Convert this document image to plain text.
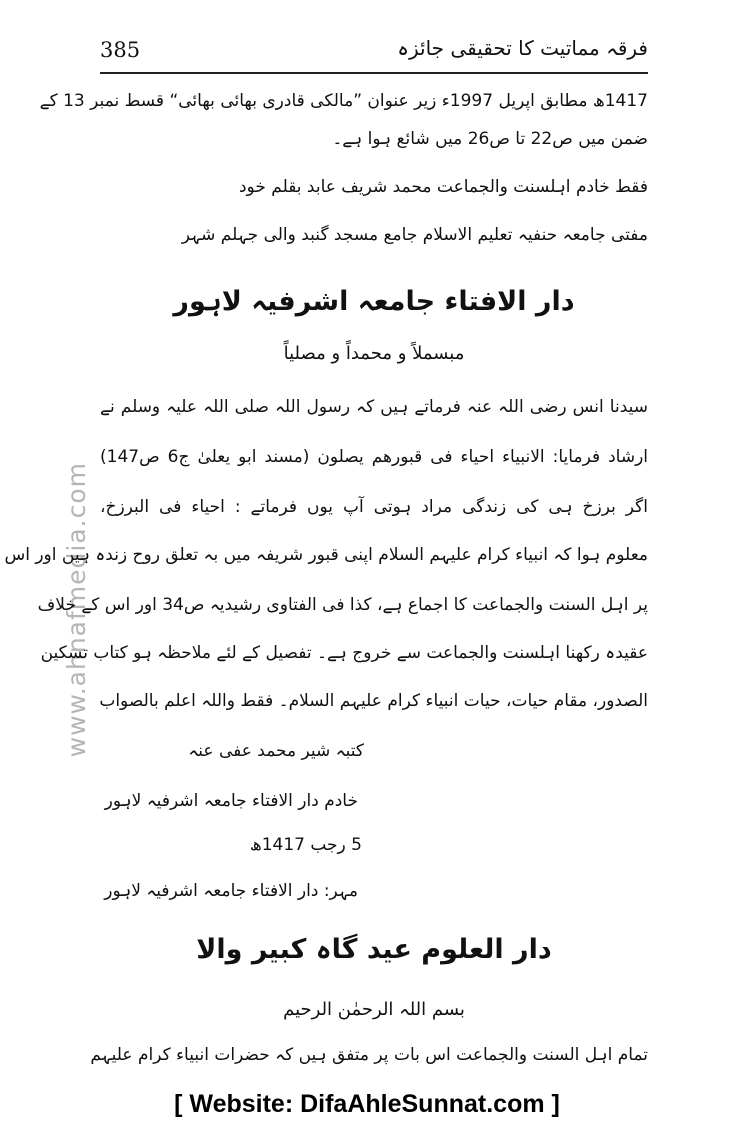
385	فرقہ مماتیت کا تحقیقی جائزہ
www.ahnafmedia.com
1417ھ مطابق اپریل 1997ء زیر عنوان ”مالکی قادری بھائی بھائی“ قسط نمبر 13 کے
ضمن میں ص22 تا ص26 میں شائع ہوا ہے۔
فقط خادم اہلسنت والجماعت محمد شریف عابد بقلم خود
مفتی جامعہ حنفیہ تعلیم الاسلام جامع مسجد گنبد والی جہلم شہر
دار الافتاء جامعہ اشرفیہ لاہور
مبسملاً و محمداً و مصلیاً
سیدنا انس رضی اللہ عنہ فرماتے ہیں کہ رسول اللہ صلی اللہ علیہ وسلم نے
ارشاد فرمایا: الانبیاء احیاء فی قبورھم یصلون (مسند ابو یعلیٰ ج6 ص147)
اگر برزخ ہی کی زندگی مراد ہوتی آپ یوں فرماتے : احیاء فی البرزخ،
معلوم ہوا کہ انبیاء کرام علیہم السلام اپنی قبور شریفہ میں بہ تعلق روح زندہ ہیں اور اس
پر اہل السنت والجماعت کا اجماع ہے، کذا فی الفتاوی رشیدیہ ص34 اور اس کے خلاف
عقیدہ رکھنا اہلسنت والجماعت سے خروج ہے۔ تفصیل کے لئے ملاحظہ ہو کتاب تسکین
الصدور، مقام حیات، حیات انبیاء کرام علیہم السلام۔ فقط واللہ اعلم بالصواب
کتبہ شیر محمد عفی عنہ
خادم دار الافتاء جامعہ اشرفیہ لاہور
5 رجب 1417ھ
مہر: دار الافتاء جامعہ اشرفیہ لاہور
دار العلوم عید گاہ کبیر والا
بسم اللہ الرحمٰن الرحیم
تمام اہل السنت والجماعت اس بات پر متفق ہیں کہ حضرات انبیاء کرام علیہم
[ Website: DifaAhleSunnat.com ]
